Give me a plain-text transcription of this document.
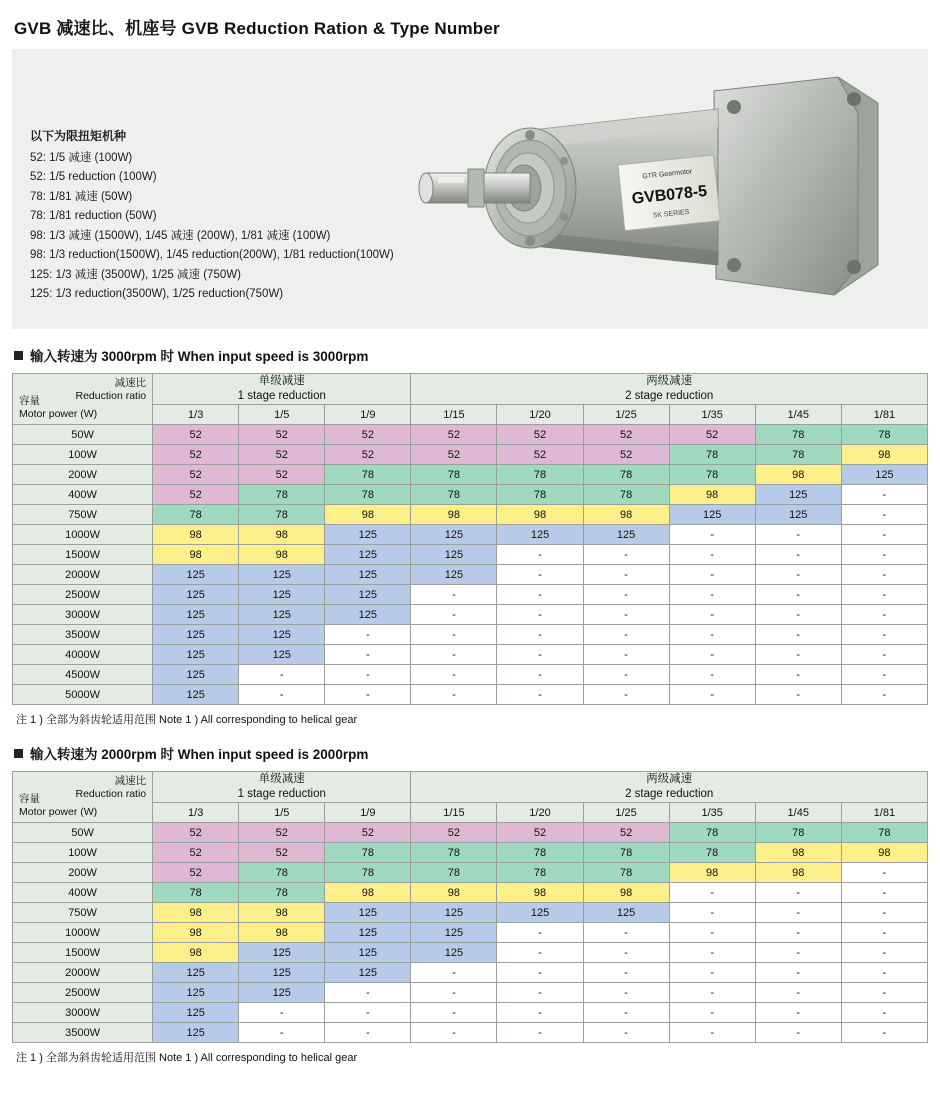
GVB 减速比、机座号 GVB Reduction Ration & Type Number
以下为限扭矩机种
52: 1/5 减速 (100W)
52: 1/5 reduction (100W)
78: 1/81 减速 (50W)
78: 1/81 reduction (50W)
98: 1/3 减速 (1500W), 1/45 减速 (200W), 1/81 减速 (100W)
98: 1/3 reduction(1500W), 1/45 reduction(200W), 1/81 reduction(100W)
125: 1/3 减速 (3500W), 1/25 减速 (750W)
125: 1/3 reduction(3500W), 1/25 reduction(750W)
GTR Gearmotor
GVB078-5
5K SERIES
输入转速为 3000rpm 时 When input speed is 3000rpm
减速比
Reduction ratio
容量
Motor power (W)	单级减速
1 stage reduction			两级减速
2 stage reduction					
	1/3	1/5	1/9	1/15	1/20	1/25	1/35	1/45	1/81
50W	52	52	52	52	52	52	52	78	78
100W	52	52	52	52	52	52	78	78	98
200W	52	52	78	78	78	78	78	98	125
400W	52	78	78	78	78	78	98	125	-
750W	78	78	98	98	98	98	125	125	-
1000W	98	98	125	125	125	125	-	-	-
1500W	98	98	125	125	-	-	-	-	-
2000W	125	125	125	125	-	-	-	-	-
2500W	125	125	125	-	-	-	-	-	-
3000W	125	125	125	-	-	-	-	-	-
3500W	125	125	-	-	-	-	-	-	-
4000W	125	125	-	-	-	-	-	-	-
4500W	125	-	-	-	-	-	-	-	-
5000W	125	-	-	-	-	-	-	-	-
注 1 ) 全部为斜齿轮适用范围 Note 1 ) All corresponding to helical gear
输入转速为 2000rpm 时 When input speed is 2000rpm
减速比
Reduction ratio
容量
Motor power (W)	单级减速
1 stage reduction			两级减速
2 stage reduction					
	1/3	1/5	1/9	1/15	1/20	1/25	1/35	1/45	1/81
50W	52	52	52	52	52	52	78	78	78
100W	52	52	78	78	78	78	78	98	98
200W	52	78	78	78	78	78	98	98	-
400W	78	78	98	98	98	98	-	-	-
750W	98	98	125	125	125	125	-	-	-
1000W	98	98	125	125	-	-	-	-	-
1500W	98	125	125	125	-	-	-	-	-
2000W	125	125	125	-	-	-	-	-	-
2500W	125	125	-	-	-	-	-	-	-
3000W	125	-	-	-	-	-	-	-	-
3500W	125	-	-	-	-	-	-	-	-
注 1 ) 全部为斜齿轮适用范围 Note 1 ) All corresponding to helical gear
